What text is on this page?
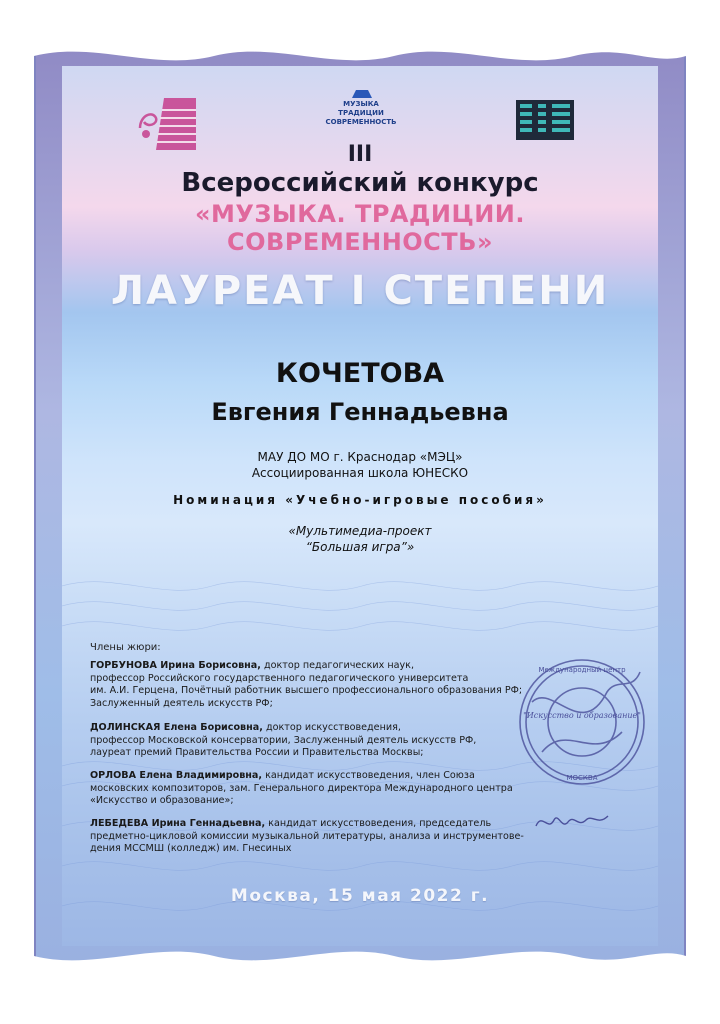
МУЗЫКА
ТРАДИЦИИ
СОВРЕМЕННОСТЬ
III
Всероссийский конкурс
«МУЗЫКА. ТРАДИЦИИ. СОВРЕМЕННОСТЬ»
ЛАУРЕАТ I СТЕПЕНИ
КОЧЕТОВА
Евгения Геннадьевна
МАУ ДО МО г. Краснодар «МЭЦ»
Ассоциированная школа ЮНЕСКО
Номинация «Учебно-игровые пособия»
«Мультимедиа-проект
“Большая игра”»
Члены жюри:
ГОРБУНОВА Ирина Борисовна, доктор педагогических наук,
профессор Российского государственного педагогического университета
им. А.И. Герцена, Почётный работник высшего профессионального образования РФ;
Заслуженный деятель искусств РФ;
ДОЛИНСКАЯ Елена Борисовна, доктор искусствоведения,
профессор Московской консерватории, Заслуженный деятель искусств РФ,
лауреат премий Правительства России и Правительства Москвы;
ОРЛОВА Елена Владимировна, кандидат искусствоведения, член Союза
московских композиторов, зам. Генерального директора Международного центра
«Искусство и образование»;
ЛЕБЕДЕВА Ирина Геннадьевна, кандидат искусствоведения, председатель
предметно-цикловой комиссии музыкальной литературы, анализа и инструментове-
дения МССМШ (колледж) им. Гнесиных
"Искусство и образование"
Международный центр
МОСКВА
Москва, 15 мая 2022 г.
